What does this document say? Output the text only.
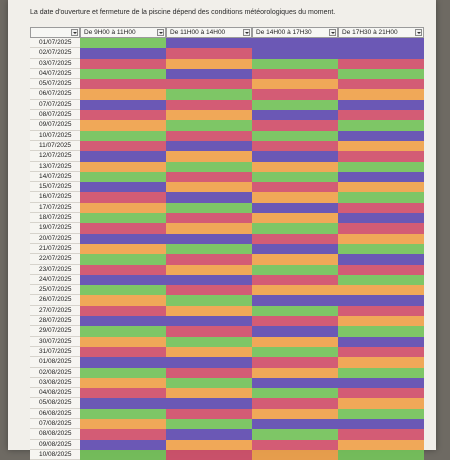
La date d'ouverture et fermeture de la piscine dépend des conditions météorologiques du moment.
De 9H00 à 11H00	De 11H00 à 14H00	De 14H00 à 17H30	De 17H30 à 21H00
01/07/2025
02/07/2025
03/07/2025
04/07/2025
05/07/2025
06/07/2025
07/07/2025
08/07/2025
09/07/2025
10/07/2025
11/07/2025
12/07/2025
13/07/2025
14/07/2025
15/07/2025
16/07/2025
17/07/2025
18/07/2025
19/07/2025
20/07/2025
21/07/2025
22/07/2025
23/07/2025
24/07/2025
25/07/2025
26/07/2025
27/07/2025
28/07/2025
29/07/2025
30/07/2025
31/07/2025
01/08/2025
02/08/2025
03/08/2025
04/08/2025
05/08/2025
06/08/2025
07/08/2025
08/08/2025
09/08/2025
10/08/2025
